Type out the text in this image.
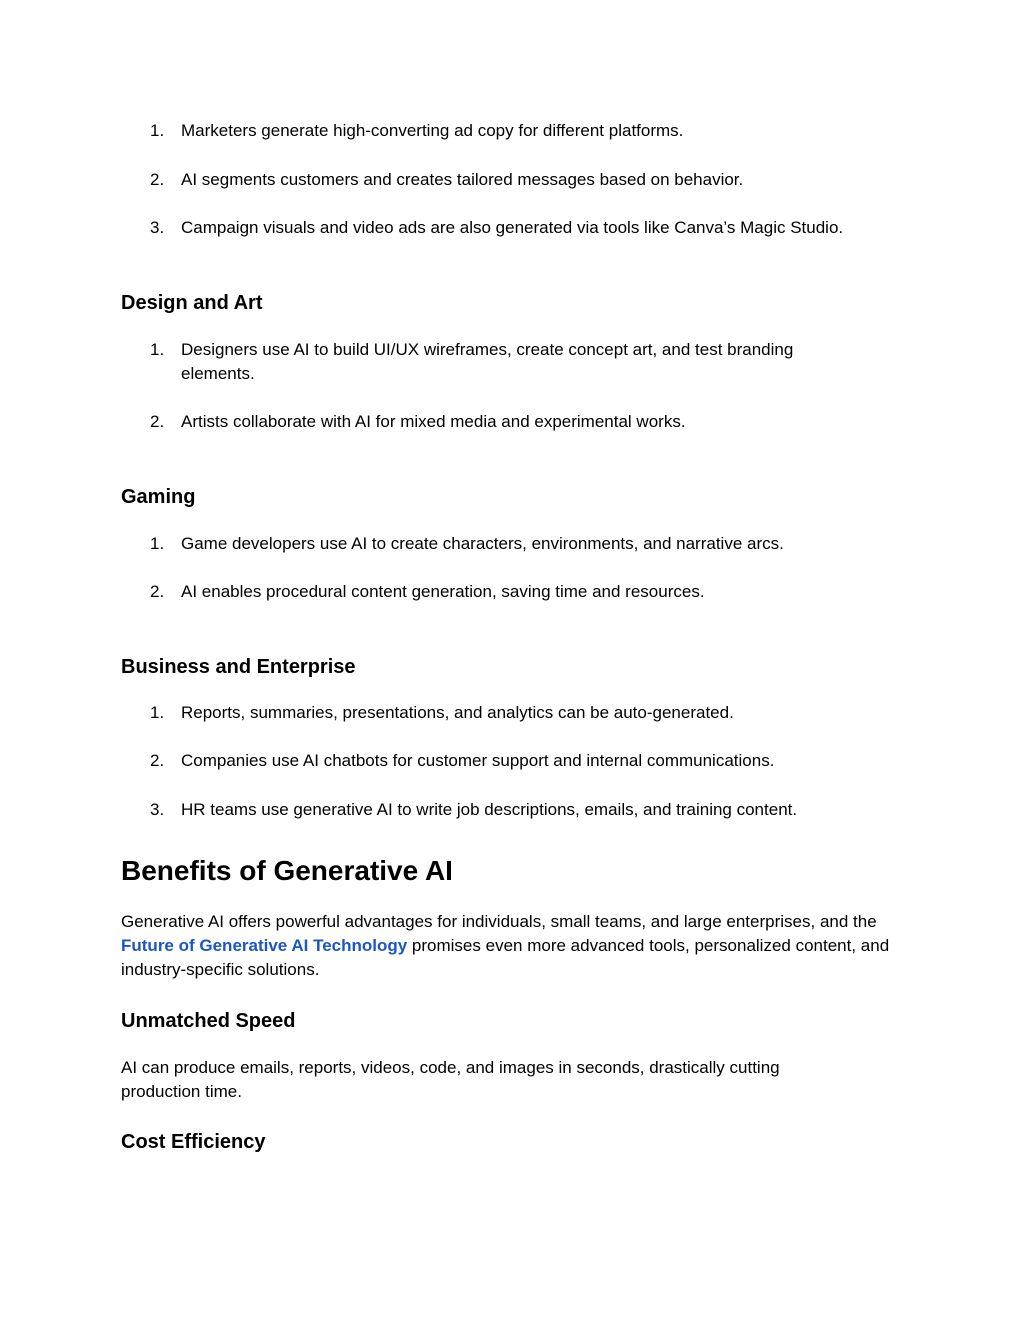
1. Marketers generate high-converting ad copy for different platforms.
2. AI segments customers and creates tailored messages based on behavior.
3. Campaign visuals and video ads are also generated via tools like Canva’s Magic Studio.
Design and Art
1. Designers use AI to build UI/UX wireframes, create concept art, and test branding elements.
2. Artists collaborate with AI for mixed media and experimental works.
Gaming
1. Game developers use AI to create characters, environments, and narrative arcs.
2. AI enables procedural content generation, saving time and resources.
Business and Enterprise
1. Reports, summaries, presentations, and analytics can be auto-generated.
2. Companies use AI chatbots for customer support and internal communications.
3. HR teams use generative AI to write job descriptions, emails, and training content.
Benefits of Generative AI
Generative AI offers powerful advantages for individuals, small teams, and large enterprises, and the Future of Generative AI Technology promises even more advanced tools, personalized content, and industry-specific solutions.
Unmatched Speed
AI can produce emails, reports, videos, code, and images in seconds, drastically cutting production time.
Cost Efficiency
